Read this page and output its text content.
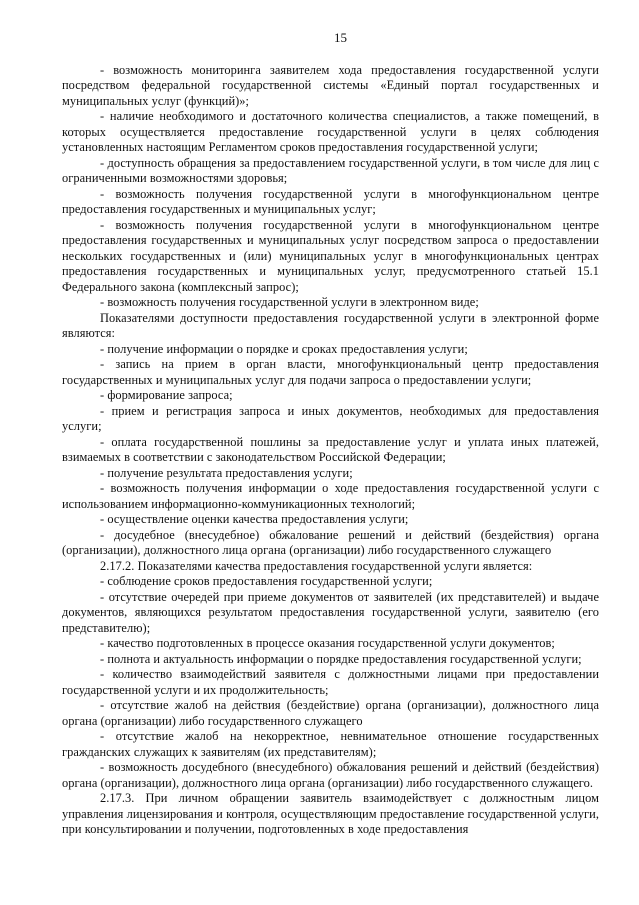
15

- возможность мониторинга заявителем хода предоставления государственной услуги посредством федеральной государственной системы «Единый портал государственных и муниципальных услуг (функций)»;

- наличие необходимого и достаточного количества специалистов, а также помещений, в которых осуществляется предоставление государственной услуги в целях соблюдения установленных настоящим Регламентом сроков предоставления государственной услуги;

- доступность обращения за предоставлением государственной услуги, в том числе для лиц с ограниченными возможностями здоровья;

- возможность получения государственной услуги в многофункциональном центре предоставления государственных и муниципальных услуг;

- возможность получения государственной услуги в многофункциональном центре предоставления государственных и муниципальных услуг посредством запроса о предоставлении нескольких государственных и (или) муниципальных услуг в многофункциональных центрах предоставления государственных и муниципальных услуг, предусмотренного статьей 15.1 Федерального закона (комплексный запрос);

- возможность получения государственной услуги в электронном виде;

Показателями доступности предоставления государственной услуги в электронной форме являются:

- получение информации о порядке и сроках предоставления услуги;

- запись на прием в орган власти, многофункциональный центр предоставления государственных и муниципальных услуг для подачи запроса о предоставлении услуги;

- формирование запроса;

- прием и регистрация запроса и иных документов, необходимых для предоставления услуги;

- оплата государственной пошлины за предоставление услуг и уплата иных платежей, взимаемых в соответствии с законодательством Российской Федерации;

- получение результата предоставления услуги;

- возможность получения информации о ходе предоставления государственной услуги с использованием информационно-коммуникационных технологий;

- осуществление оценки качества предоставления услуги;

- досудебное (внесудебное) обжалование решений и действий (бездействия) органа (организации), должностного лица органа (организации) либо государственного служащего

2.17.2. Показателями качества предоставления государственной услуги является:

- соблюдение сроков предоставления государственной услуги;

- отсутствие очередей при приеме документов от заявителей (их представителей) и выдаче документов, являющихся результатом предоставления государственной услуги, заявителю (его представителю);

- качество подготовленных в процессе оказания государственной услуги документов;

- полнота и актуальность информации о порядке предоставления государственной услуги;

- количество взаимодействий заявителя с должностными лицами при предоставлении государственной услуги и их продолжительность;

- отсутствие жалоб на действия (бездействие) органа (организации), должностного лица органа (организации) либо государственного служащего

- отсутствие жалоб на некорректное, невнимательное отношение государственных гражданских служащих к заявителям (их представителям);

- возможность досудебного (внесудебного) обжалования решений и действий (бездействия) органа (организации), должностного лица органа (организации) либо государственного служащего.

2.17.3. При личном обращении заявитель взаимодействует с должностным лицом управления лицензирования и контроля, осуществляющим предоставление государственной услуги, при консультировании и получении, подготовленных в ходе предоставления
